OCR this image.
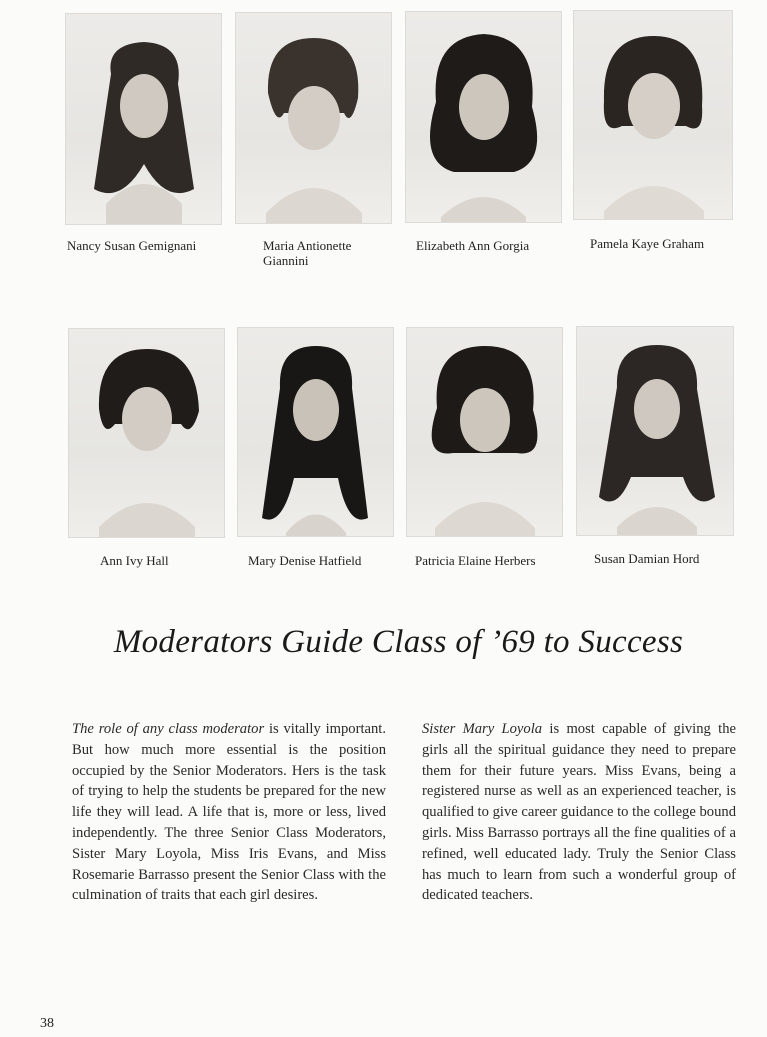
Nancy Susan Gemignani	Maria Antionette Giannini
Elizabeth Ann Gorgia	Pamela Kaye Graham
Ann Ivy Hall	Mary Denise Hatfield	Patricia Elaine Herbers	Susan Damian Hord
Moderators Guide Class of ’69 to Success
The role of any class moderator is vitally important. But how much more essential is the position occupied by the Senior Moderators. Hers is the task of trying to help the students be prepared for the new life they will lead. A life that is, more or less, lived independently. The three Senior Class Moderators, Sister Mary Loyola, Miss Iris Evans, and Miss Rosemarie Barrasso present the Senior Class with the culmination of traits that each girl desires.
Sister Mary Loyola is most capable of giving the girls all the spiritual guidance they need to prepare them for their future years. Miss Evans, being a registered nurse as well as an experienced teacher, is qualified to give career guidance to the college bound girls. Miss Barrasso portrays all the fine qualities of a refined, well educated lady. Truly the Senior Class has much to learn from such a wonderful group of dedicated teachers.
38
